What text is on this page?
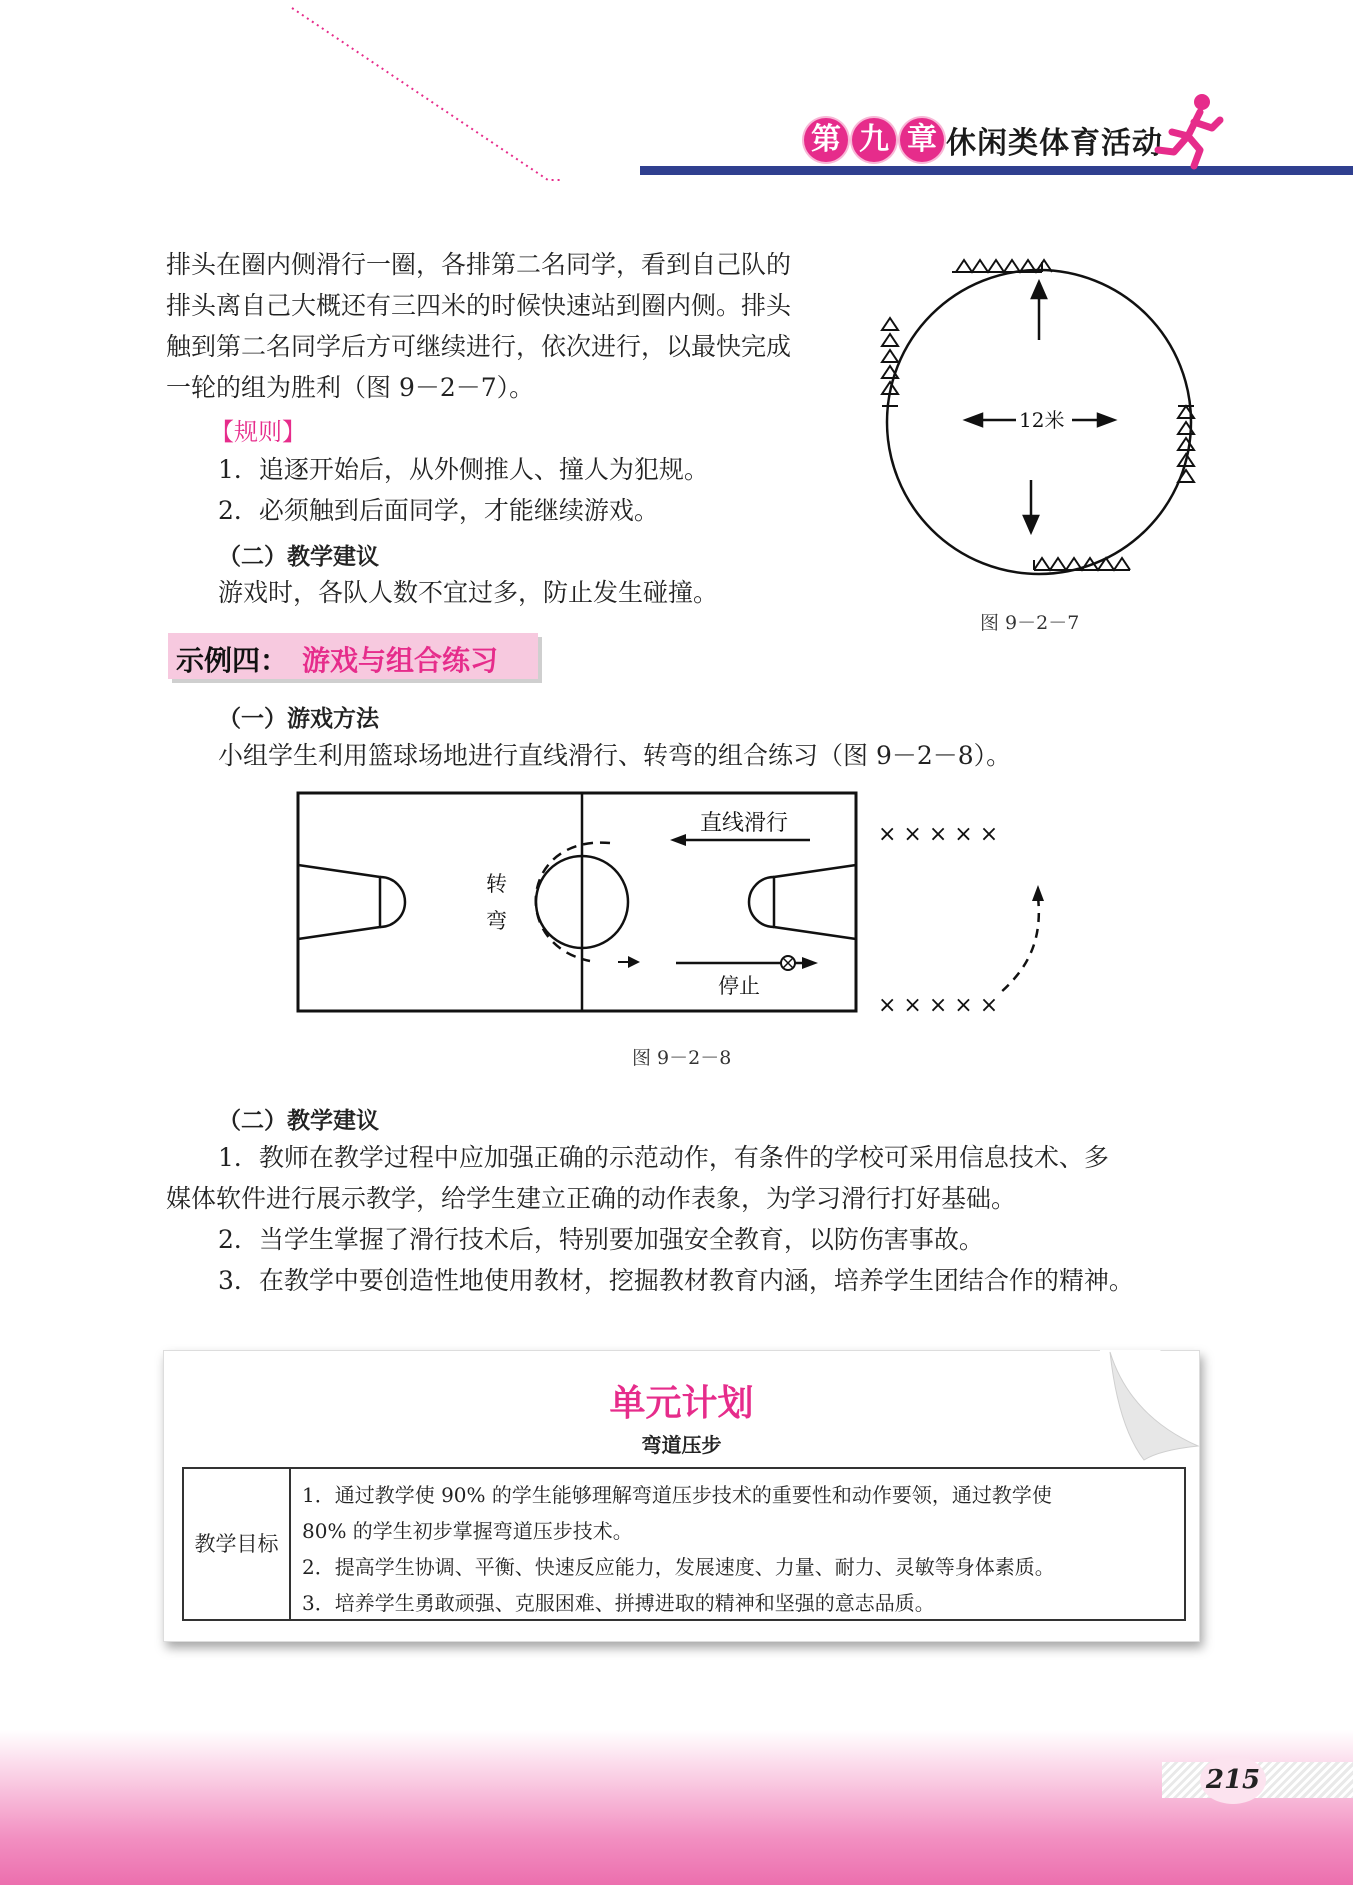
第 九 章 休闲类体育活动
排头在圈内侧滑行一圈，各排第二名同学，看到自己队的
排头离自己大概还有三四米的时候快速站到圈内侧。排头
触到第二名同学后方可继续进行，依次进行，以最快完成
一轮的组为胜利（图 9－2－7）。
【规则】
1．追逐开始后，从外侧推人、撞人为犯规。
2．必须触到后面同学，才能继续游戏。
（二）教学建议
游戏时，各队人数不宜过多，防止发生碰撞。
12米
图 9－2－7
示例四： 游戏与组合练习
（一）游戏方法
小组学生利用篮球场地进行直线滑行、转弯的组合练习（图 9－2－8）。
直线滑行
转
弯
停止
× × × × ×
× × × × ×
图 9－2－8
（二）教学建议
1．教师在教学过程中应加强正确的示范动作，有条件的学校可采用信息技术、多
媒体软件进行展示教学，给学生建立正确的动作表象，为学习滑行打好基础。
2．当学生掌握了滑行技术后，特别要加强安全教育，以防伤害事故。
3．在教学中要创造性地使用教材，挖掘教材教育内涵，培养学生团结合作的精神。
单元计划
弯道压步
教学目标
1．通过教学使 90% 的学生能够理解弯道压步技术的重要性和动作要领，通过教学使
80% 的学生初步掌握弯道压步技术。
2．提高学生协调、平衡、快速反应能力，发展速度、力量、耐力、灵敏等身体素质。
3．培养学生勇敢顽强、克服困难、拼搏进取的精神和坚强的意志品质。
215
